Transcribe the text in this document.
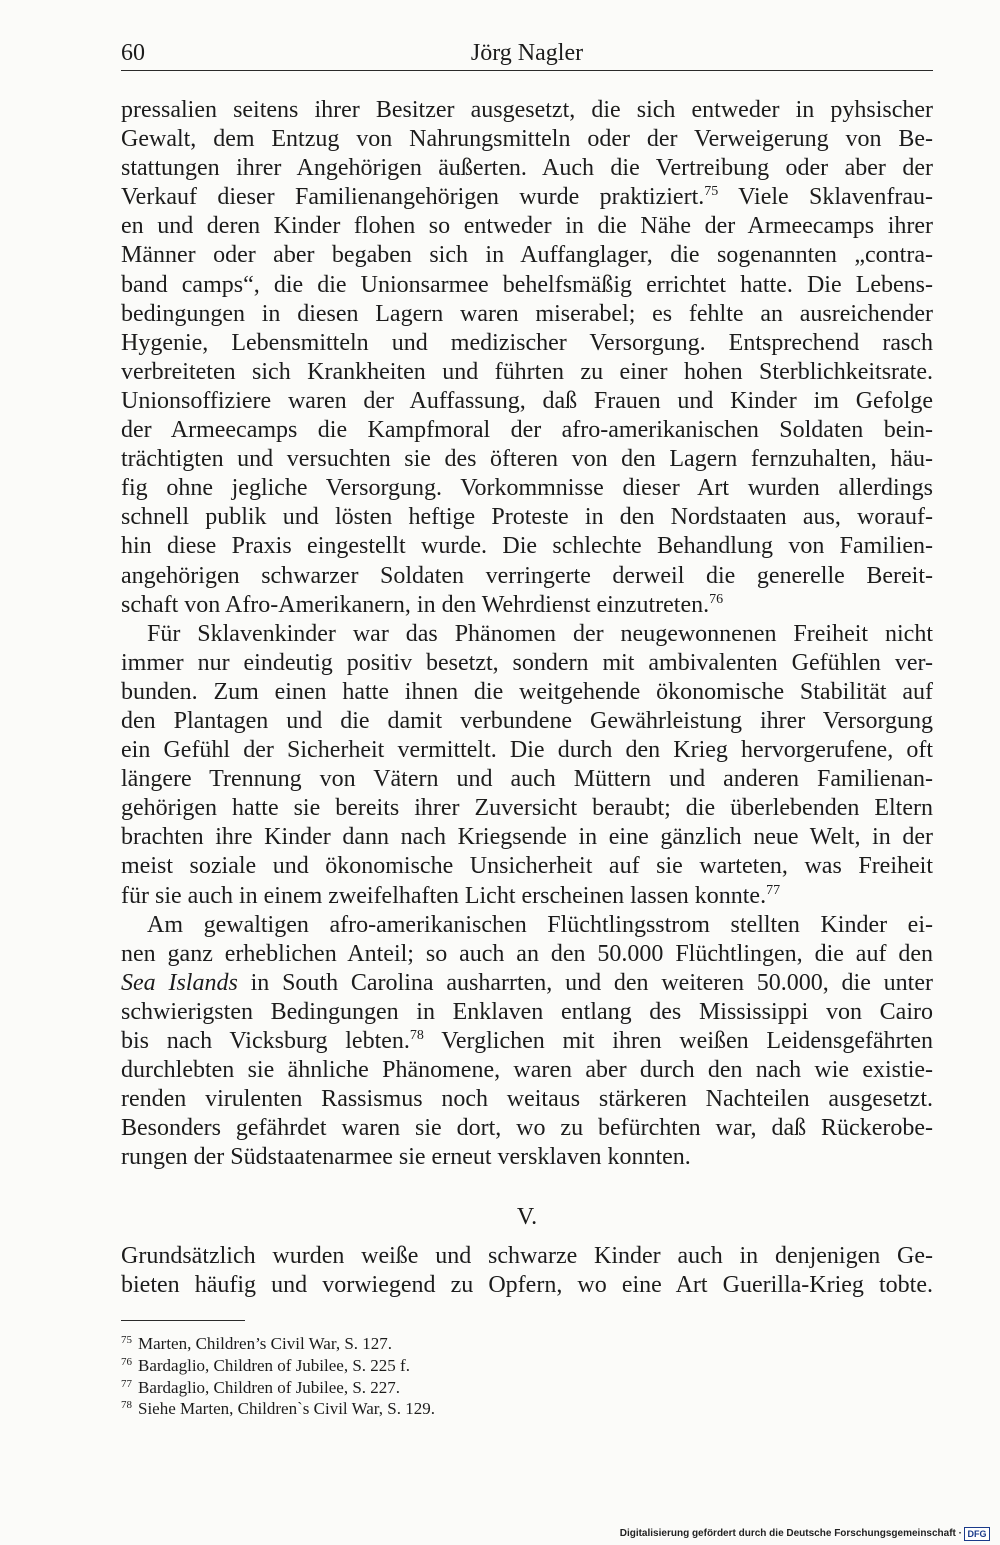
60	Jörg Nagler
pressalien seitens ihrer Besitzer ausgesetzt, die sich entweder in pyhsischer
Gewalt, dem Entzug von Nahrungsmitteln oder der Verweigerung von Be-
stattungen ihrer Angehörigen äußerten. Auch die Vertreibung oder aber der
Verkauf dieser Familienangehörigen wurde praktiziert.$^{75}$ Viele Sklavenfrau-
en und deren Kinder flohen so entweder in die Nähe der Armeecamps ihrer
Männer oder aber begaben sich in Auffanglager, die sogenannten „contra-
band camps“, die die Unionsarmee behelfsmäßig errichtet hatte. Die Lebens-
bedingungen in diesen Lagern waren miserabel; es fehlte an ausreichender
Hygenie, Lebensmitteln und medizischer Versorgung. Entsprechend rasch
verbreiteten sich Krankheiten und führten zu einer hohen Sterblichkeitsrate.
Unionsoffiziere waren der Auffassung, daß Frauen und Kinder im Gefolge
der Armeecamps die Kampfmoral der afro-amerikanischen Soldaten bein-
trächtigten und versuchten sie des öfteren von den Lagern fernzuhalten, häu-
fig ohne jegliche Versorgung. Vorkommnisse dieser Art wurden allerdings
schnell publik und lösten heftige Proteste in den Nordstaaten aus, worauf-
hin diese Praxis eingestellt wurde. Die schlechte Behandlung von Familien-
angehörigen schwarzer Soldaten verringerte derweil die generelle Bereit-
schaft von Afro-Amerikanern, in den Wehrdienst einzutreten.$^{76}$
Für Sklavenkinder war das Phänomen der neugewonnenen Freiheit nicht
immer nur eindeutig positiv besetzt, sondern mit ambivalenten Gefühlen ver-
bunden. Zum einen hatte ihnen die weitgehende ökonomische Stabilität auf
den Plantagen und die damit verbundene Gewährleistung ihrer Versorgung
ein Gefühl der Sicherheit vermittelt. Die durch den Krieg hervorgerufene, oft
längere Trennung von Vätern und auch Müttern und anderen Familienan-
gehörigen hatte sie bereits ihrer Zuversicht beraubt; die überlebenden Eltern
brachten ihre Kinder dann nach Kriegsende in eine gänzlich neue Welt, in der
meist soziale und ökonomische Unsicherheit auf sie warteten, was Freiheit
für sie auch in einem zweifelhaften Licht erscheinen lassen konnte.$^{77}$
Am gewaltigen afro-amerikanischen Flüchtlingsstrom stellten Kinder ei-
nen ganz erheblichen Anteil; so auch an den 50.000 Flüchtlingen, die auf den
Sea Islands in South Carolina ausharrten, und den weiteren 50.000, die unter
schwierigsten Bedingungen in Enklaven entlang des Mississippi von Cairo
bis nach Vicksburg lebten.$^{78}$ Verglichen mit ihren weißen Leidensgefährten
durchlebten sie ähnliche Phänomene, waren aber durch den nach wie existie-
renden virulenten Rassismus noch weitaus stärkeren Nachteilen ausgesetzt.
Besonders gefährdet waren sie dort, wo zu befürchten war, daß Rückerobe-
rungen der Südstaatenarmee sie erneut versklaven konnten.
V.
Grundsätzlich wurden weiße und schwarze Kinder auch in denjenigen Ge-
bieten häufig und vorwiegend zu Opfern, wo eine Art Guerilla-Krieg tobte.
$^{75}$ Marten, Children’s Civil War, S. 127.
$^{76}$ Bardaglio, Children of Jubilee, S. 225 f.
$^{77}$ Bardaglio, Children of Jubilee, S. 227.
$^{78}$ Siehe Marten, Children`s Civil War, S. 129.
Digitalisierung gefördert durch die Deutsche Forschungsgemeinschaft · DFG
